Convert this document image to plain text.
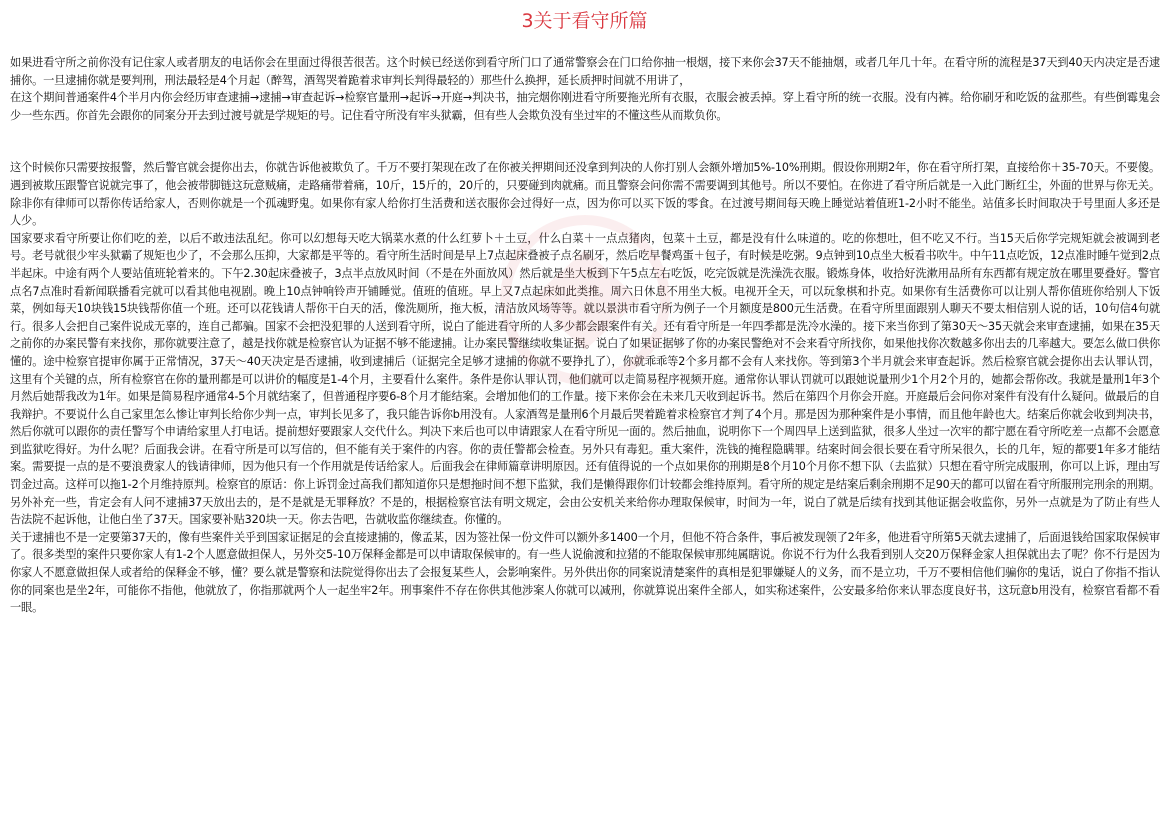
3关于看守所篇

如果进看守所之前你没有记住家人或者朋友的电话你会在里面过得很苦很苦。这个时候已经送你到看守所门口了通常警察会在门口给你抽一根烟，接下来你会37天不能抽烟，或者几年几十年。在看守所的流程是37天到40天内决定是否逮捕你。一旦逮捕你就是要判刑，刑法最轻是4个月起（醉驾，酒驾哭着跪着求审判长判得最轻的）那些什么换押，延长质押时间就不用讲了，

在这个期间普通案件4个半月内你会经历审查逮捕→逮捕→审查起诉→检察官量刑→起诉→开庭→判决书，抽完烟你刚进看守所要拖光所有衣服，衣服会被丢掉。穿上看守所的统一衣服。没有内裤。给你刷牙和吃饭的盆那些。有些倒霉鬼会少一些东西。你首先会跟你的同案分开去到过渡号就是学规矩的号。记住看守所没有牢头狱霸，但有些人会欺负没有坐过牢的不懂这些从而欺负你。

这个时候你只需要按报警，然后警官就会提你出去，你就告诉他被欺负了。千万不要打架现在改了在你被关押期间还没拿到判决的人你打别人会额外增加5%-10%刑期。假设你刑期2年，你在看守所打架，直接给你＋35-70天。不要傻。遇到被欺压跟警官说就完事了，他会被带脚链这玩意贼痛，走路痛带着痛，10斤，15斤的，20斤的，只要碰到肉就痛。而且警察会问你需不需要调到其他号。所以不要怕。在你进了看守所后就是一入此门断红尘，外面的世界与你无关。除非你有律师可以帮你传话给家人，否则你就是一个孤魂野鬼。如果你有家人给你打生活费和送衣服你会过得好一点，因为你可以买下饭的零食。在过渡号期间每天晚上睡觉站着值班1-2小时不能坐。站值多长时间取决于号里面人多还是人少。

国家要求看守所要让你们吃的差，以后不敢违法乱纪。你可以幻想每天吃大锅菜水煮的什么红萝卜＋土豆，什么白菜＋一点点猪肉，包菜＋土豆，都是没有什么味道的。吃的你想吐，但不吃又不行。当15天后你学完规矩就会被调到老号。老号就很少牢头狱霸了规矩也少了，不会那么压抑，大家都是平等的。看守所生活时间是早上7点起床叠被子点名刷牙，然后吃早餐鸡蛋＋包子，有时候是吃粥。9点钟到10点坐大板看书吹牛。中午11点吃饭，12点准时睡午觉到2点半起床。中途有两个人要站值班轮着来的。下午2.30起床叠被子，3点半点放风时间（不是在外面放风）然后就是坐大板到下午5点左右吃饭，吃完饭就是洗澡洗衣服。锻炼身体，收拾好洗漱用品所有东西都有规定放在哪里要叠好。警官点名7点准时看新闻联播看完就可以看其他电视剧。晚上10点钟响铃声开铺睡觉。值班的值班。早上又7点起床如此类推。周六日休息不用坐大板。电视开全天，可以玩象棋和扑克。如果你有生活费你可以让别人帮你值班你给别人下饭菜，例如每天10块钱15块钱帮你值一个班。还可以花钱请人帮你干白天的活，像洗厕所，拖大板，清洁放风场等等。就以景洪市看守所为例子一个月额度是800元生活费。在看守所里面跟别人聊天不要太相信别人说的话，10句信4句就行。很多人会把自己案件说成无辜的，连自己都骗。国家不会把没犯罪的人送到看守所，说白了能进看守所的人多少都会跟案件有关。还有看守所是一年四季都是洗冷水澡的。接下来当你到了第30天～35天就会来审查逮捕，如果在35天之前你的办案民警有来找你，那你就要注意了，越是找你就是检察官认为证据不够不能逮捕。让办案民警继续收集证据。说白了如果证据够了你的办案民警绝对不会来看守所找你，如果他找你次数越多你出去的几率越大。要怎么做口供你懂的。途中检察官提审你属于正常情况，37天～40天决定是否逮捕，收到逮捕后（证据完全足够才逮捕的你就不要挣扎了），你就乖乖等2个多月都不会有人来找你。等到第3个半月就会来审查起诉。然后检察官就会提你出去认罪认罚，这里有个关键的点，所有检察官在你的量刑都是可以讲价的幅度是1-4个月，主要看什么案件。条件是你认罪认罚，他们就可以走简易程序视频开庭。通常你认罪认罚就可以跟她说量刑少1个月2个月的，她都会帮你改。我就是量刑1年3个月然后她帮我改为1年。如果是简易程序通常4-5个月就结案了，但普通程序要6-8个月才能结案。会增加他们的工作量。接下来你会在未来几天收到起诉书。然后在第四个月你会开庭。开庭最后会问你对案件有没有什么疑问。做最后的自我辩护。不要说什么自己家里怎么惨让审判长给你少判一点，审判长见多了，我只能告诉你b用没有。人家酒驾是量刑6个月最后哭着跪着求检察官才判了4个月。那是因为那种案件是小事情，而且他年龄也大。结案后你就会收到判决书，然后你就可以跟你的责任警写个申请给家里人打电话。提前想好要跟家人交代什么。判决下来后也可以申请跟家人在看守所见一面的。然后抽血，说明你下一个周四早上送到监狱，很多人坐过一次牢的都宁愿在看守所吃差一点都不会愿意到监狱吃得好。为什么呢？后面我会讲。在看守所是可以写信的，但不能有关于案件的内容。你的责任警都会检查。另外只有毒犯。重大案件，洗钱的掩程隐瞒罪。结案时间会很长要在看守所呆很久，长的几年，短的都要1年多才能结案。需要提一点的是不要浪费家人的钱请律师，因为他只有一个作用就是传话给家人。后面我会在律师篇章讲明原因。还有值得说的一个点如果你的刑期是8个月10个月你不想下队（去监狱）只想在看守所完成服刑，你可以上诉，理由写罚金过高。这样可以拖1-2个月维持原判。检察官的原话：你上诉罚金过高我们都知道你只是想拖时间不想下监狱，我们是懒得跟你们计较都会维持原判。看守所的规定是结案后剩余刑期不足90天的都可以留在看守所服刑完刑余的刑期。另外补充一些，肯定会有人问不逮捕37天放出去的，是不是就是无罪释放？不是的，根据检察官法有明文规定，会由公安机关来给你办理取保候审，时间为一年，说白了就是后续有找到其他证据会收监你，另外一点就是为了防止有些人告法院不起诉他，让他白坐了37天。国家要补贴320块一天。你去告吧，告就收监你继续查。你懂的。

关于逮捕也不是一定要第37天的，像有些案件关乎到国家证据足的会直接逮捕的，像孟某，因为签社保一份文件可以额外多1400一个月，但他不符合条件，事后被发现领了2年多，他进看守所第5天就去逮捕了，后面退钱给国家取保候审了。很多类型的案件只要你家人有1-2个人愿意做担保人，另外交5-10万保释金都是可以申请取保候审的。有一些人说偷渡和拉猪的不能取保候审那纯属瞎说。你说不行为什么我看到别人交20万保释金家人担保就出去了呢？你不行是因为你家人不愿意做担保人或者给的保释金不够，懂？要么就是警察和法院觉得你出去了会报复某些人，会影响案件。另外供出你的同案说清楚案件的真相是犯罪嫌疑人的义务，而不是立功，千万不要相信他们骗你的鬼话，说白了你指不指认你的同案也是坐2年，可能你不指他，他就放了，你指那就两个人一起坐牢2年。刑事案件不存在你供其他涉案人你就可以减刑，你就算说出案件全部人，如实称述案件，公安最多给你来认罪态度良好书，这玩意b用没有，检察官看都不看一眼。
